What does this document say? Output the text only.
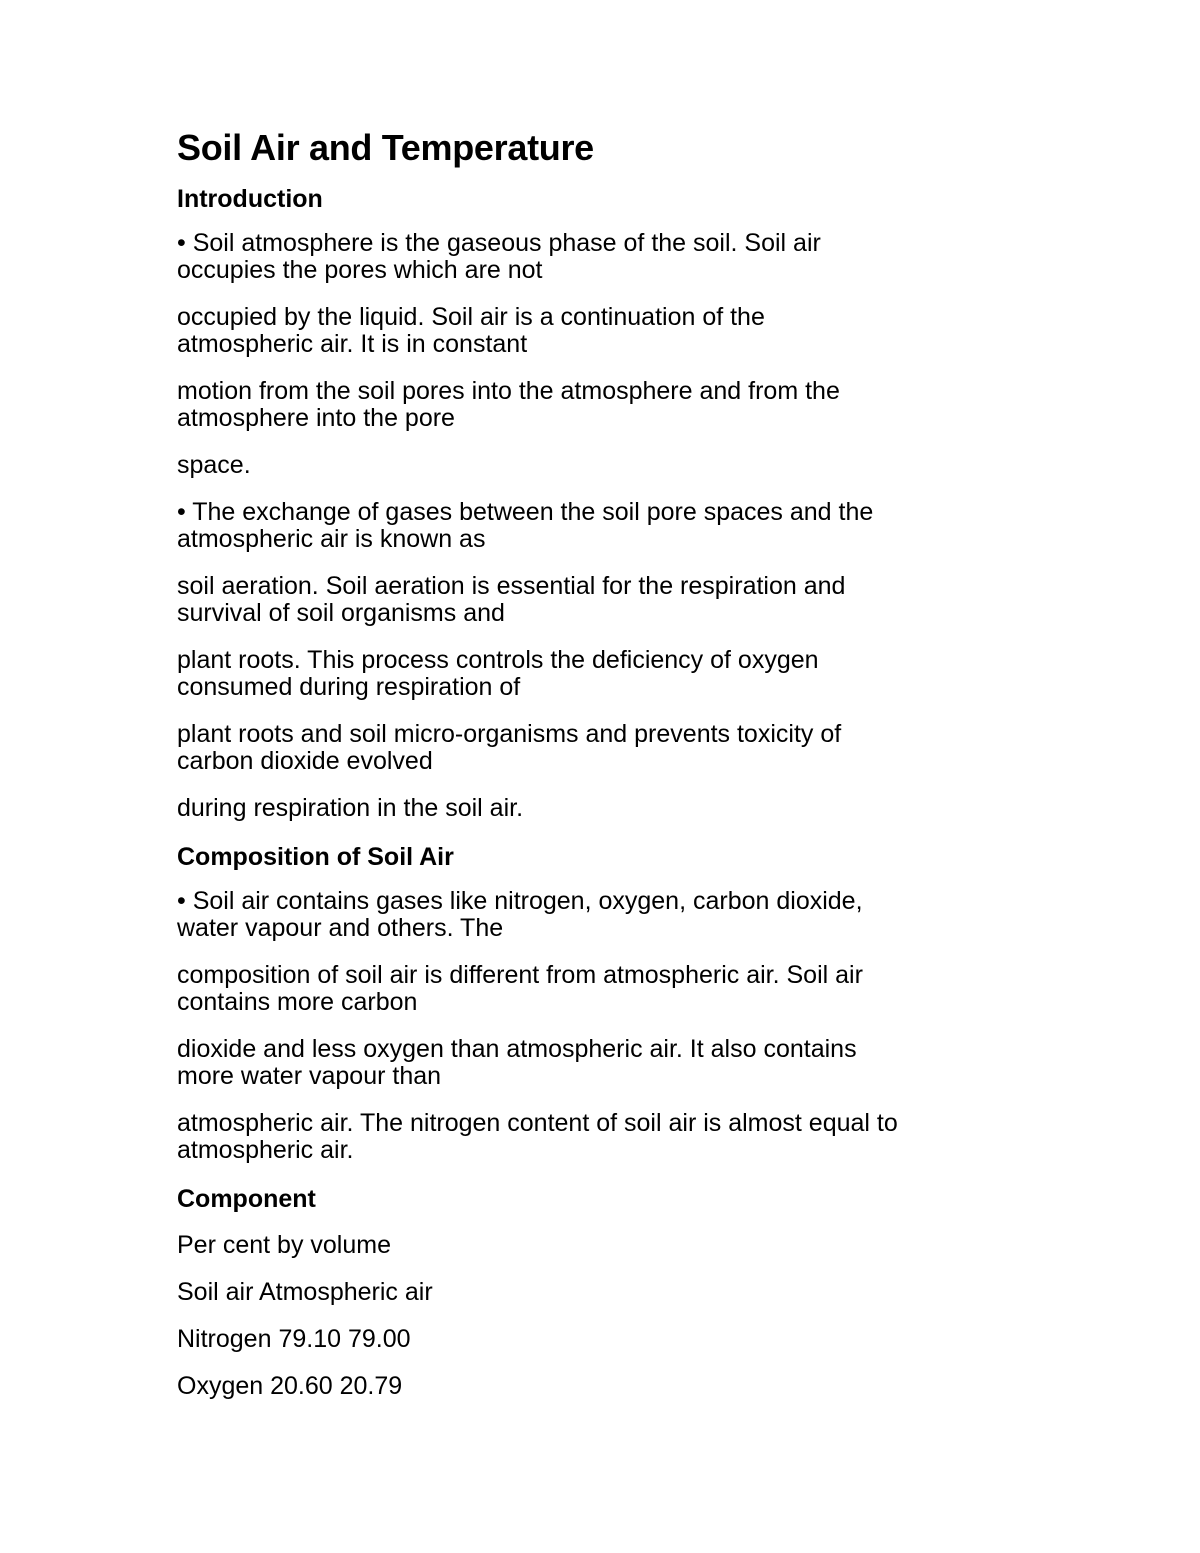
Soil Air and Temperature
Introduction
• Soil atmosphere is the gaseous phase of the soil. Soil air
occupies the pores which are not
occupied by the liquid. Soil air is a continuation of the
atmospheric air. It is in constant
motion from the soil pores into the atmosphere and from the
atmosphere into the pore
space.
• The exchange of gases between the soil pore spaces and the
atmospheric air is known as
soil aeration. Soil aeration is essential for the respiration and
survival of soil organisms and
plant roots. This process controls the deficiency of oxygen
consumed during respiration of
plant roots and soil micro-organisms and prevents toxicity of
carbon dioxide evolved
during respiration in the soil air.
Composition of Soil Air
• Soil air contains gases like nitrogen, oxygen, carbon dioxide,
water vapour and others. The
composition of soil air is different from atmospheric air. Soil air
contains more carbon
dioxide and less oxygen than atmospheric air. It also contains
more water vapour than
atmospheric air. The nitrogen content of soil air is almost equal to
atmospheric air.
Component
Per cent by volume
Soil air Atmospheric air
Nitrogen 79.10 79.00
Oxygen 20.60 20.79
